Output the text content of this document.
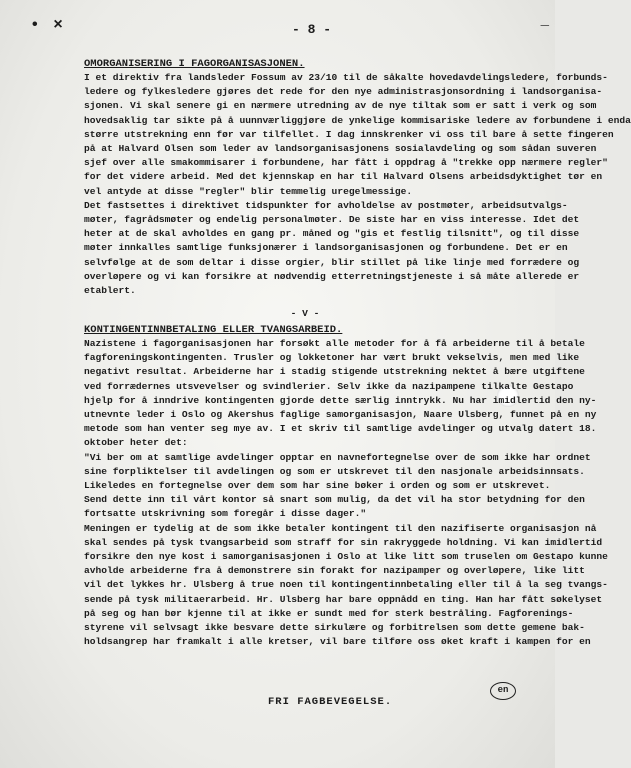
• ×	- 8 -	—
OMORGANISERING I FAGORGANISASJONEN.
I et direktiv fra landsleder Fossum av 23/10 til de såkalte hovedavdelingsledere, forbunds-
ledere og fylkesledere gjøres det rede for den nye administrasjonsordning i landsorganisa-
sjonen. Vi skal senere gi en nærmere utredning av de nye tiltak som er satt i verk og som
hovedsaklig tar sikte på å uunnværliggjøre de ynkelige kommisariske ledere av forbundene i enda
større utstrekning enn før var tilfellet. I dag innskrenker vi oss til bare å sette fingeren
på at Halvard Olsen som leder av landsorganisasjonens sosialavdeling og som sådan suveren
sjef over alle smakommisarer i forbundene, har fått i oppdrag å "trekke opp nærmere regler"
for det videre arbeid. Med det kjennskap en har til Halvard Olsens arbeidsdyktighet tør en
vel antyde at disse "regler" blir temmelig uregelmessige.
Det fastsettes i direktivet tidspunkter for avholdelse av postmøter, arbeidsutvalgs-
møter, fagrådsmøter og endelig personalmøter. De siste har en viss interesse. Idet det
heter at de skal avholdes en gang pr. måned og "gis et festlig tilsnitt", og til disse
møter innkalles samtlige funksjonærer i landsorganisasjonen og forbundene. Det er en
selvfølge at de som deltar i disse orgier, blir stillet på like linje med forrædere og
overløpere og vi kan forsikre at nødvendig etterretningstjeneste i så måte allerede er
etablert.
- V -
KONTINGENTINNBETALING ELLER TVANGSARBEID.
Nazistene i fagorganisasjonen har forsøkt alle metoder for å få arbeiderne til å betale
fagforeningskontingenten. Trusler og lokketoner har vært brukt vekselvis, men med like
negativt resultat. Arbeiderne har i stadig stigende utstrekning nektet å bære utgiftene
ved forrædernes utsvevelser og svindlerier. Selv ikke da nazipampene tilkalte Gestapo
hjelp for å inndrive kontingenten gjorde dette særlig inntrykk. Nu har imidlertid den ny-
utnevnte leder i Oslo og Akershus faglige samorganisasjon, Naare Ulsberg, funnet på en ny
metode som han venter seg mye av. I et skriv til samtlige avdelinger og utvalg datert 18.
oktober heter det:
"Vi ber om at samtlige avdelinger opptar en navnefortegnelse over de som ikke har ordnet
sine forpliktelser til avdelingen og som er utskrevet til den nasjonale arbeidsinnsats.
Likeledes en fortegnelse over dem som har sine bøker i orden og som er utskrevet.
Send dette inn til vårt kontor så snart som mulig, da det vil ha stor betydning for den
fortsatte utskrivning som foregår i disse dager."
Meningen er tydelig at de som ikke betaler kontingent til den nazifiserte organisasjon nå
skal sendes på tysk tvangsarbeid som straff for sin rakryggede holdning. Vi kan imidlertid
forsikre den nye kost i samorganisasjonen i Oslo at like litt som truselen om Gestapo kunne
avholde arbeiderne fra å demonstrere sin forakt for nazipamper og overløpere, like litt
vil det lykkes hr. Ulsberg å true noen til kontingentinnbetaling eller til å la seg tvangs-
sende på tysk militaerarbeid. Hr. Ulsberg har bare oppnådd en ting. Han har fått søkelyset
på seg og han bør kjenne til at ikke er sundt med for sterk bestråling. Fagforenings-
styrene vil selvsagt ikke besvare dette sirkulære og forbitrelsen som dette gemene bak-
holdsangrep har framkalt i alle kretser, vil bare tilføre oss øket kraft i kampen for en
FRI FAGBEVEGELSE.
en
